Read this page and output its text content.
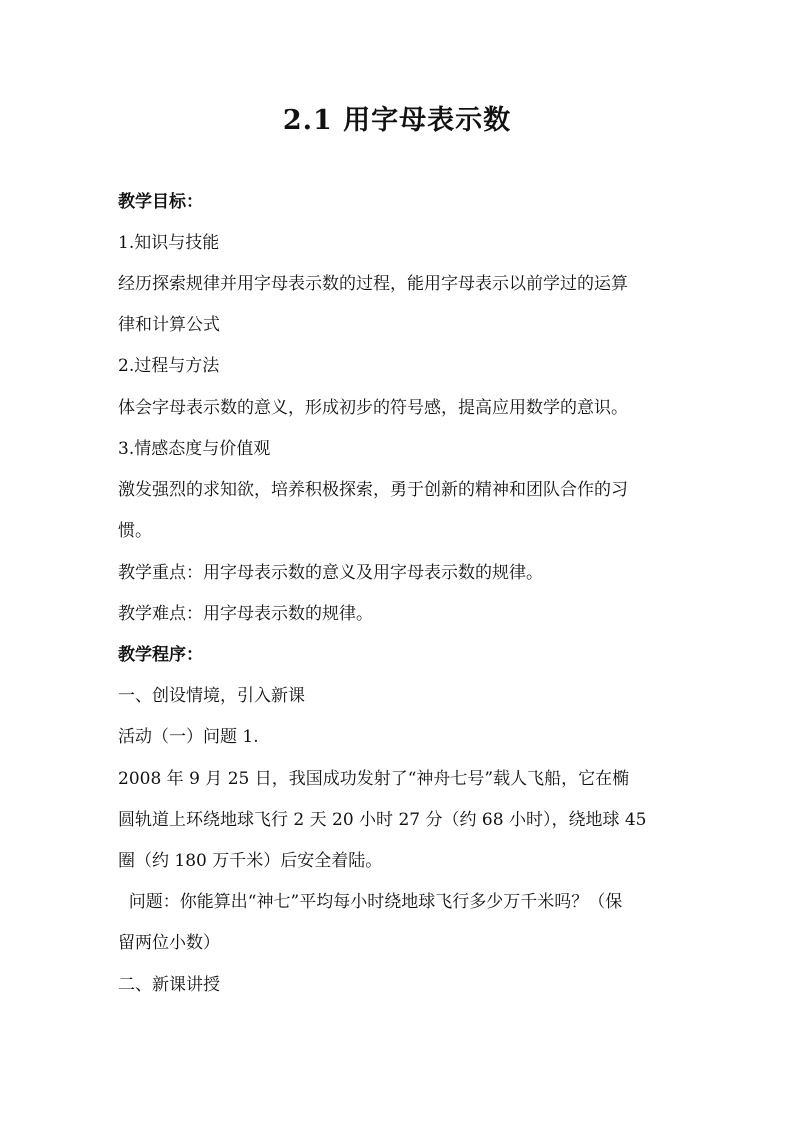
2.1 用字母表示数
教学目标：
1.知识与技能
经历探索规律并用字母表示数的过程，能用字母表示以前学过的运算
律和计算公式
2.过程与方法
体会字母表示数的意义，形成初步的符号感，提高应用数学的意识。
3.情感态度与价值观
激发强烈的求知欲，培养积极探索，勇于创新的精神和团队合作的习
惯。
教学重点：用字母表示数的意义及用字母表示数的规律。
教学难点：用字母表示数的规律。
教学程序：
一、创设情境，引入新课
活动（一）问题 1.
2008 年 9 月 25 日，我国成功发射了“神舟七号”载人飞船，它在椭
圆轨道上环绕地球飞行 2 天 20 小时 27 分（约 68 小时），绕地球 45
圈（约 180 万千米）后安全着陆。
问题：你能算出“神七”平均每小时绕地球飞行多少万千米吗？（保
留两位小数）
二、新课讲授
